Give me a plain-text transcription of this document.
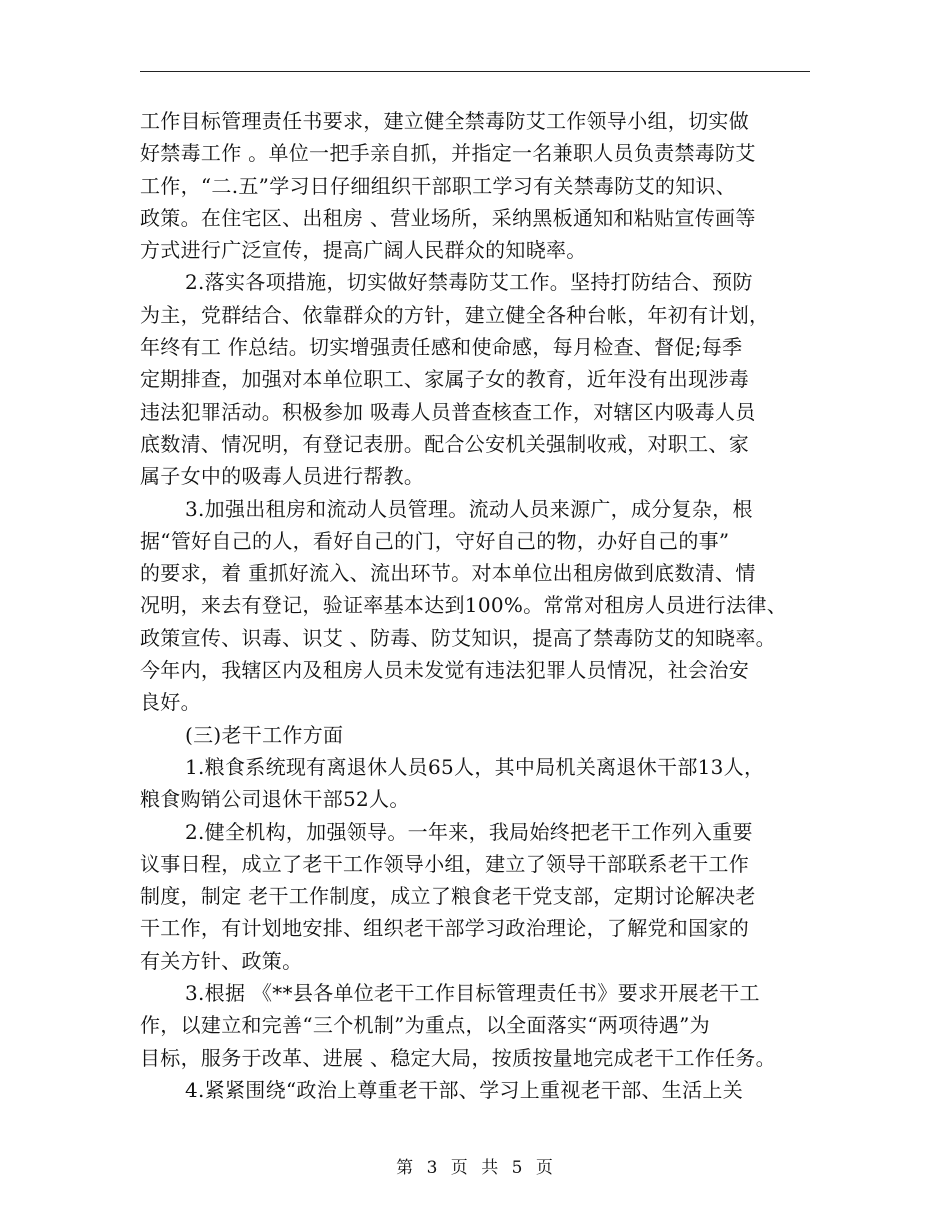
工作目标管理责任书要求，建立健全禁毒防艾工作领导小组，切实做
好禁毒工作 。单位一把手亲自抓，并指定一名兼职人员负责禁毒防艾
工作，“二.五”学习日仔细组织干部职工学习有关禁毒防艾的知识、
政策。在住宅区、出租房 、营业场所，采纳黑板通知和粘贴宣传画等
方式进行广泛宣传，提高广阔人民群众的知晓率。
2.落实各项措施，切实做好禁毒防艾工作。坚持打防结合、预防
为主，党群结合、依靠群众的方针，建立健全各种台帐，年初有计划，
年终有工 作总结。切实增强责任感和使命感，每月检查、督促;每季
定期排查，加强对本单位职工、家属子女的教育，近年没有出现涉毒
违法犯罪活动。积极参加 吸毒人员普查核查工作，对辖区内吸毒人员
底数清、情况明，有登记表册。配合公安机关强制收戒，对职工、家
属子女中的吸毒人员进行帮教。
3.加强出租房和流动人员管理。流动人员来源广，成分复杂，根
据“管好自己的人，看好自己的门，守好自己的物，办好自己的事”
的要求，着 重抓好流入、流出环节。对本单位出租房做到底数清、情
况明，来去有登记，验证率基本达到100%。常常对租房人员进行法律、
政策宣传、识毒、识艾 、防毒、防艾知识，提高了禁毒防艾的知晓率。
今年内，我辖区内及租房人员未发觉有违法犯罪人员情况，社会治安
良好。
(三)老干工作方面
1.粮食系统现有离退休人员65人，其中局机关离退休干部13人，
粮食购销公司退休干部52人。
2.健全机构，加强领导。一年来，我局始终把老干工作列入重要
议事日程，成立了老干工作领导小组，建立了领导干部联系老干工作
制度，制定 老干工作制度，成立了粮食老干党支部，定期讨论解决老
干工作，有计划地安排、组织老干部学习政治理论，了解党和国家的
有关方针、政策。
3.根据 《**县各单位老干工作目标管理责任书》要求开展老干工
作，以建立和完善“三个机制”为重点，以全面落实“两项待遇”为
目标，服务于改革、进展 、稳定大局，按质按量地完成老干工作任务。
4.紧紧围绕“政治上尊重老干部、学习上重视老干部、生活上关
第 3 页 共 5 页
